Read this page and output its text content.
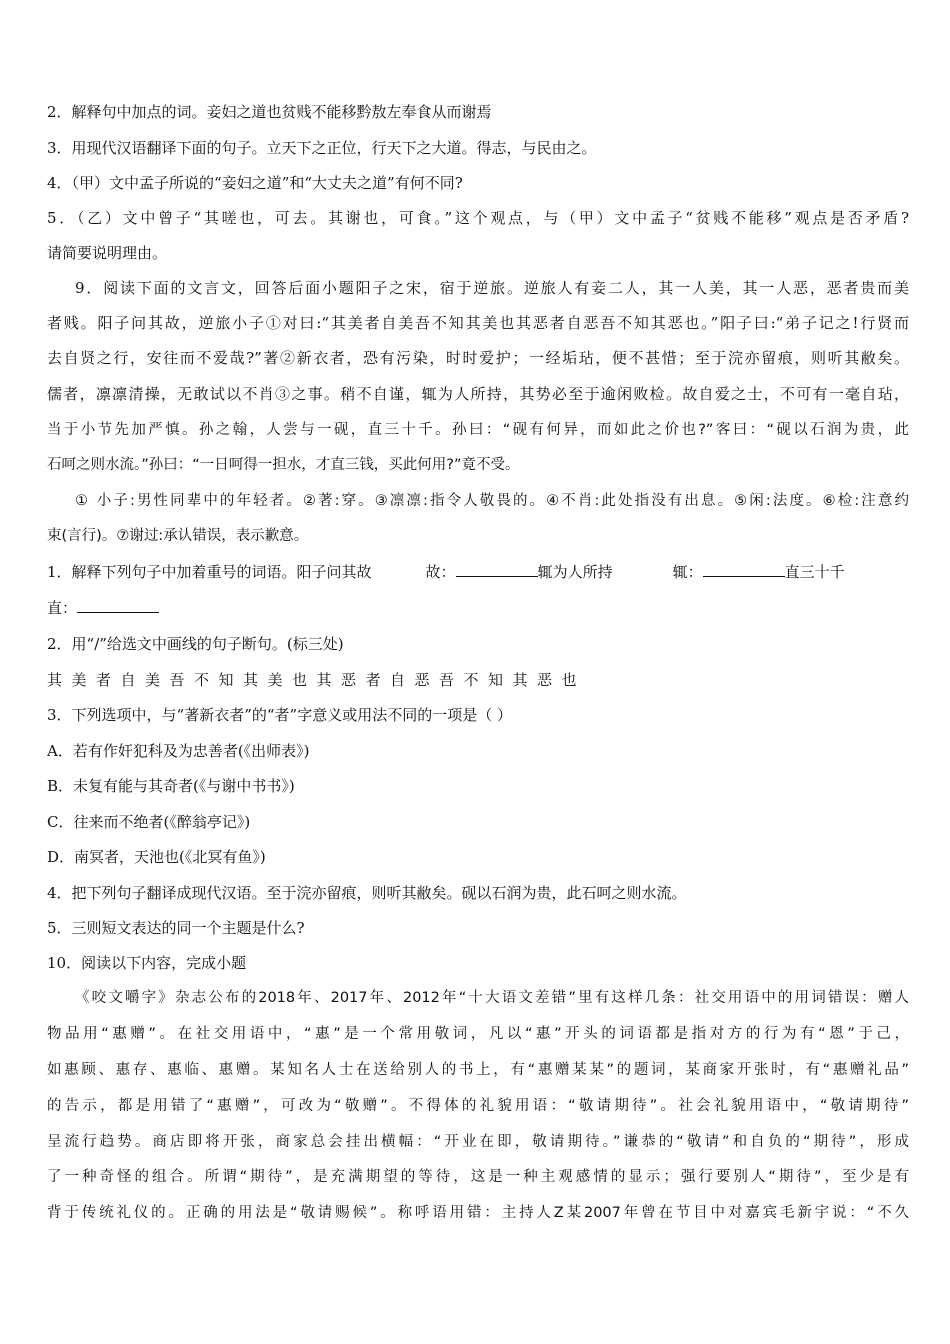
2．解释句中加点的词。妾妇之道也贫贱不能移黔敖左奉食从而谢焉
3．用现代汉语翻译下面的句子。立天下之正位，行天下之大道。得志，与民由之。
4．（甲）文中孟子所说的“妾妇之道”和“大丈夫之道”有何不同?
5．（乙）文中曾子“其嗟也，可去。其谢也，可食。”这个观点，与（甲）文中孟子“贫贱不能移”观点是否矛盾?
请简要说明理由。
9．阅读下面的文言文，回答后面小题阳子之宋，宿于逆旅。逆旅人有妾二人，其一人美，其一人恶，恶者贵而美
者贱。阳子问其故，逆旅小子①对曰:“其美者自美吾不知其美也其恶者自恶吾不知其恶也。”阳子曰:“弟子记之!行贤而
去自贤之行，安往而不爱哉?”著②新衣者，恐有污染，时时爱护；一经垢玷，便不甚惜；至于浣亦留痕，则听其敝矣。
儒者，凛凛清操，无敢试以不肖③之事。稍不自谨，辄为人所持，其势必至于逾闲败检。故自爱之士，不可有一毫自玷，
当于小节先加严慎。孙之翰，人尝与一砚，直三十千。孙曰：“砚有何异，而如此之价也?”客曰：“砚以石润为贵，此
石呵之则水流。”孙曰：“一日呵得一担水，才直三钱，买此何用?”竟不受。
① 小子:男性同辈中的年轻者。②著:穿。③凛凛:指令人敬畏的。④不肖:此处指没有出息。⑤闲:法度。⑥检:注意约
束(言行)。⑦谢过:承认错误，表示歉意。
1．解释下列句子中加着重号的词语。阳子问其故	故：	辄为人所持	辄：	直三十千
直：
2．用“/”给选文中画线的句子断句。(标三处)
其美者自美吾不知其美也其恶者自恶吾不知其恶也
3．下列选项中，与“著新衣者”的“者”字意义或用法不同的一项是（ ）
A．若有作奸犯科及为忠善者(《出师表》)
B．未复有能与其奇者(《与谢中书书》)
C．往来而不绝者(《醉翁亭记》)
D．南冥者，天池也(《北冥有鱼》)
4．把下列句子翻译成现代汉语。至于浣亦留痕，则听其敝矣。砚以石润为贵，此石呵之则水流。
5．三则短文表达的同一个主题是什么?
10．阅读以下内容，完成小题
《咬文嚼字》杂志公布的2018年、2017年、2012年“十大语文差错”里有这样几条：社交用语中的用词错误：赠人
物品用“惠赠”。在社交用语中，“惠”是一个常用敬词，凡以“惠”开头的词语都是指对方的行为有“恩”于己，
如惠顾、惠存、惠临、惠赠。某知名人士在送给别人的书上，有“惠赠某某”的题词，某商家开张时，有“惠赠礼品”
的告示，都是用错了“惠赠”，可改为“敬赠”。不得体的礼貌用语：“敬请期待”。社会礼貌用语中，“敬请期待”
呈流行趋势。商店即将开张，商家总会挂出横幅：“开业在即，敬请期待。”谦恭的“敬请”和自负的“期待”，形成
了一种奇怪的组合。所谓“期待”，是充满期望的等待，这是一种主观感情的显示；强行要别人“期待”，至少是有
背于传统礼仪的。正确的用法是“敬请赐候”。称呼语用错：主持人Z某2007年曾在节目中对嘉宾毛新宇说：“不久
